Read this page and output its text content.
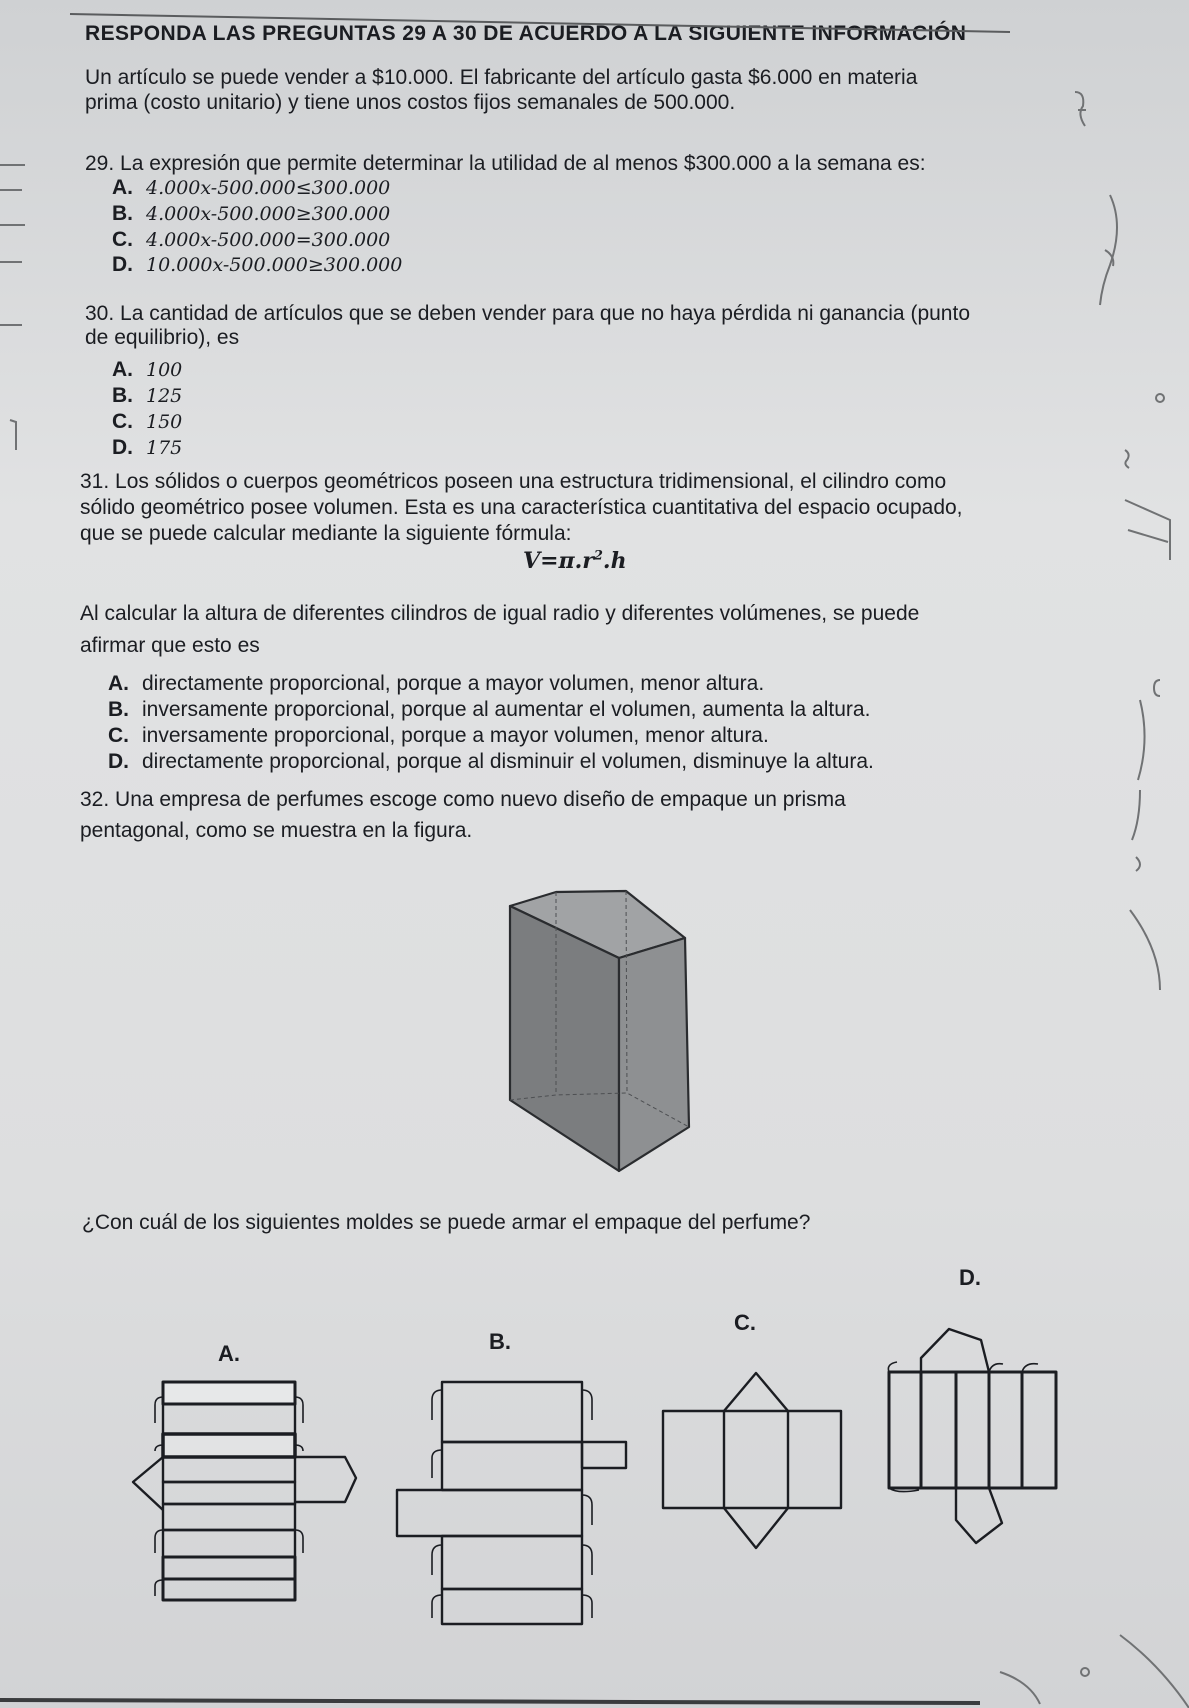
RESPONDA LAS PREGUNTAS 29 A 30 DE ACUERDO A LA SIGUIENTE INFORMACIÓN
Un artículo se puede vender a $10.000. El fabricante del artículo gasta $6.000 en materia
prima (costo unitario) y tiene unos costos fijos semanales de 500.000.
29. La expresión que permite determinar la utilidad de al menos $300.000 a la semana es:
A. 4.000x-500.000≤300.000
B. 4.000x-500.000≥300.000
C. 4.000x-500.000=300.000
D. 10.000x-500.000≥300.000
30. La cantidad de artículos que se deben vender para que no haya pérdida ni ganancia (punto
de equilibrio), es
A. 100
B. 125
C. 150
D. 175
31. Los sólidos o cuerpos geométricos poseen una estructura tridimensional, el cilindro como
sólido geométrico posee volumen. Esta es una característica cuantitativa del espacio ocupado,
que se puede calcular mediante la siguiente fórmula:
$V=\pi.r^2.h$
Al calcular la altura de diferentes cilindros de igual radio y diferentes volúmenes, se puede
afirmar que esto es
A. directamente proporcional, porque a mayor volumen, menor altura.
B. inversamente proporcional, porque al aumentar el volumen, aumenta la altura.
C. inversamente proporcional, porque a mayor volumen, menor altura.
D. directamente proporcional, porque al disminuir el volumen, disminuye la altura.
32. Una empresa de perfumes escoge como nuevo diseño de empaque un prisma
pentagonal, como se muestra en la figura.
¿Con cuál de los siguientes moldes se puede armar el empaque del perfume?
A.	B.
C.
D.
